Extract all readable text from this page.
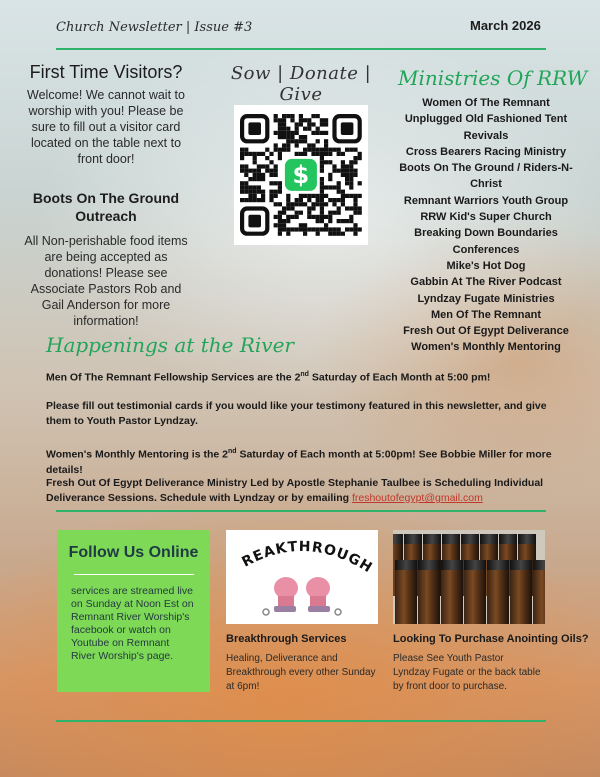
Church Newsletter | Issue #3	March 2026
First Time Visitors?

Welcome! We cannot wait to worship with you! Please be sure to fill out a visitor card located on the table next to front door!

Boots On The Ground Outreach

All Non-perishable food items are being accepted as donations! Please see Associate Pastors Rob and Gail Anderson for more information!

Sow | Donate | Give
$
Ministries Of RRW
Women Of The Remnant
Unplugged Old Fashioned Tent Revivals
Cross Bearers Racing Ministry
Boots On The Ground / Riders-N-Christ
Remnant Warriors Youth Group
RRW Kid's Super Church
Breaking Down Boundaries Conferences
Mike's Hot Dog
Gabbin At The River Podcast
Lyndzay Fugate Ministries
Men Of The Remnant
Fresh Out Of Egypt Deliverance
Women's Monthly Mentoring
Happenings at the River

Men Of The Remnant Fellowship Services are the 2nd Saturday of Each Month at 5:00 pm!

Please fill out testimonial cards if you would like your testimony featured in this newsletter, and give them to Youth Pastor Lyndzay.

Women's Monthly Mentoring is the 2nd Saturday of Each month at 5:00pm! See Bobbie Miller for more details!

Fresh Out Of Egypt Deliverance Ministry Led by Apostle Stephanie Taulbee is Scheduling Individual Deliverance Sessions. Schedule with Lyndzay or by emailing freshoutofegypt@gmail.com

Follow Us Online

services are streamed live on Sunday at Noon Est on Remnant River Worship's facebook or watch on Youtube on Remnant River Worship's page.

REAKTHROUGH
Breakthrough Services
Healing, Deliverance and Breakthrough every other Sunday at 6pm!
Looking To Purchase Anointing Oils?
Please See Youth Pastor Lyndzay Fugate or the back table by front door to purchase.
